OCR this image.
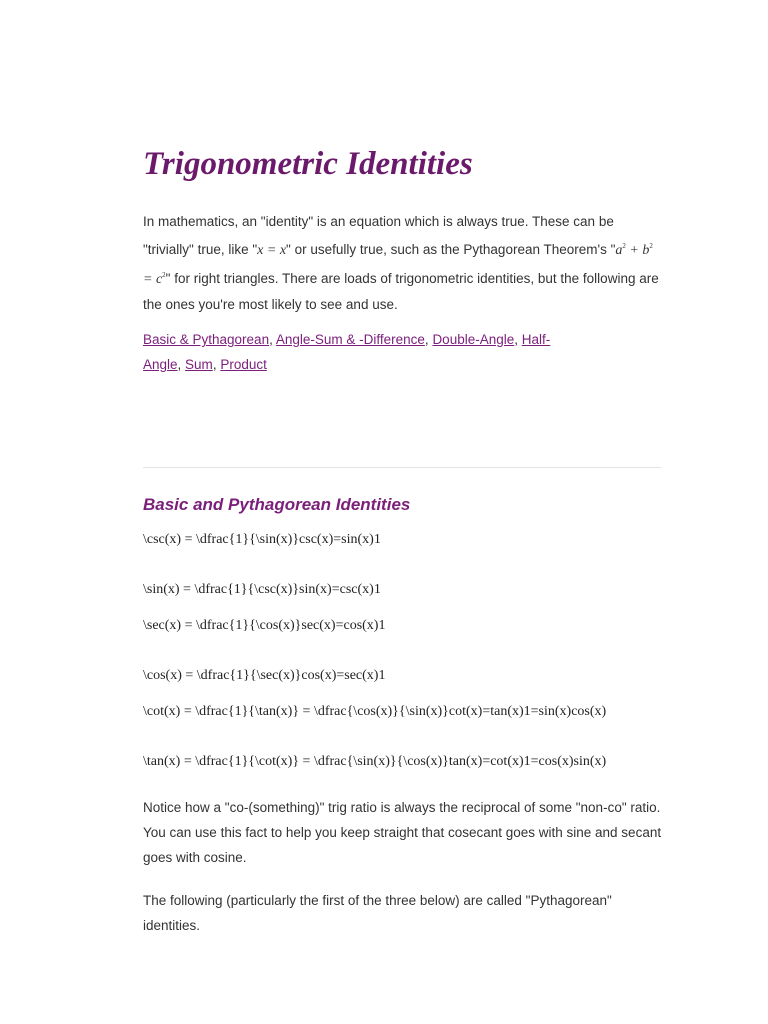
Trigonometric Identities

In mathematics, an "identity" is an equation which is always true. These can be "trivially" true, like "x = x" or usefully true, such as the Pythagorean Theorem's "$a^2 + b^2 = c^2$" for right triangles. There are loads of trigonometric identities, but the following are the ones you're most likely to see and use.

Basic & Pythagorean, Angle-Sum & -Difference, Double-Angle, Half-Angle, Sum, Product

Basic and Pythagorean Identities

\csc(x) = \dfrac{1}{\sin(x)}csc(x)=sin(x)1

\sin(x) = \dfrac{1}{\csc(x)}sin(x)=csc(x)1

\sec(x) = \dfrac{1}{\cos(x)}sec(x)=cos(x)1

\cos(x) = \dfrac{1}{\sec(x)}cos(x)=sec(x)1

\cot(x) = \dfrac{1}{\tan(x)} = \dfrac{\cos(x)}{\sin(x)}cot(x)=tan(x)1=sin(x)cos(x)

\tan(x) = \dfrac{1}{\cot(x)} = \dfrac{\sin(x)}{\cos(x)}tan(x)=cot(x)1=cos(x)sin(x)

Notice how a "co-(something)" trig ratio is always the reciprocal of some "non-co" ratio. You can use this fact to help you keep straight that cosecant goes with sine and secant goes with cosine.

The following (particularly the first of the three below) are called "Pythagorean" identities.
